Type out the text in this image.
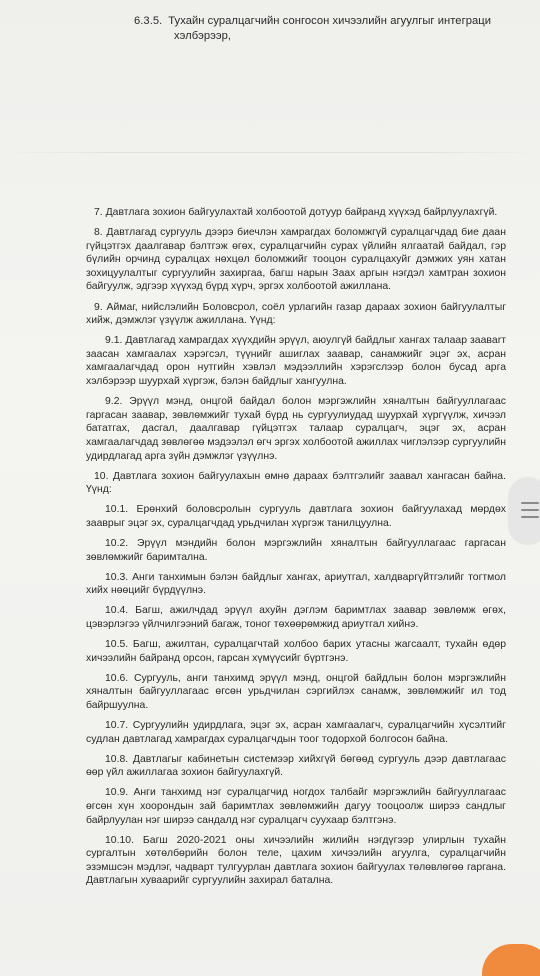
6.3.5. Тухайн суралцагчийн сонгосон хичээлийн агуулгыг интеграци
хэлбэрээр,

7. Давтлага зохион байгуулахтай холбоотой дотуур байранд хүүхэд байрлуулахгүй.

8. Давтлагад сургууль дээрэ биечлэн хамрагдах боломжгүй суралцагчдад бие даан гүйцэтгэх даалгавар бэлтгэж өгөх, суралцагчийн сурах үйлийн ялгаатай байдал, гэр бүлийн орчинд суралцах нөхцөл боломжийг тооцон суралцахуйг дэмжих уян хатан зохицуулалтыг сургуулийн захиргаа, багш нарын Заах аргын нэгдэл хамтран зохион байгуулж, эдгээр хүүхэд бүрд хүрч, эргэх холбоотой ажиллана.

9. Аймаг, нийслэлийн Боловсрол, соёл урлагийн газар дараах зохион байгуулалтыг хийж, дэмжлэг үзүүлж ажиллана. Үүнд:

9.1. Давтлагад хамрагдах хүүхдийн эрүүл, аюулгүй байдлыг хангах талаар заавarт заасан хамгаалах хэрэгсэл, түүнийг ашиглах заавар, санамжийг эцэг эх, асран хамгаалагчдад орон нутгийн хэвлэл мэдээллийн хэрэгслээр болон бусад арга хэлбэрээр шуурхай хүргэж, бэлэн байдлыг хангуулна.

9.2. Эрүүл мэнд, онцгой байдал болон мэргэжлийн хяналтын байгууллагаас гаргасан заавар, зөвлөмжийг тухай бүрд нь сургуулиудад шуурхай хүргүүлж, хичээл бататгах, дасгал, даалгавар гүйцэтгэх талаар суралцагч, эцэг эх, асран хамгаалагчдад зөвлөгөө мэдээлэл өгч эргэх холбоотой ажиллах чиглэлээр сургуулийн удирдлагад арга зүйн дэмжлэг үзүүлнэ.

10. Давтлага зохион байгуулахын өмнө дараах бэлтгэлийг заавал хангасан байна. Үүнд:

10.1. Ерөнхий боловсролын сургууль давтлага зохион байгуулахад мөрдөх зааврыг эцэг эх, суралцагчдад урьдчилан хүргэж танилцуулна.

10.2. Эрүүл мэндийн болон мэргэжлийн хяналтын байгууллагаас гаргасан зөвлөмжийг баримтална.

10.3. Анги танхимын бэлэн байдлыг хангах, ариутгал, халдваргүйтгэлийг тогтмол хийх нөөцийг бүрдүүлнэ.

10.4. Багш, ажилчдад эрүүл ахуйн дэглэм баримтлах заавар зөвлөмж өгөх, цэвэрлэгээ үйлчилгээний багаж, тоног төхөөрөмжид ариутгал хийнэ.

10.5. Багш, ажилтан, суралцагчтай холбоо барих утасны жагсаалт, тухайн өдөр хичээлийн байранд орсон, гарсан хүмүүсийг бүртгэнэ.

10.6. Сургууль, анги танхимд эрүүл мэнд, онцгой байдлын болон мэргэжлийн хяналтын байгууллагаас өгсөн урьдчилан сэргийлэх санамж, зөвлөмжийг ил тод байршуулна.

10.7. Сургуулийн удирдлага, эцэг эх, асран хамгаалагч, суралцагчийн хүсэлтийг судлан давтлагад хамрагдах суралцагчдын тоог тодорхой болгосон байна.

10.8. Давтлагыг кабинетын системээр хийхгүй бөгөөд сургууль дээр давтлагаас өөр үйл ажиллагаа зохион байгуулахгүй.

10.9. Анги танхимд нэг суралцагчид ногдох талбайг мэргэжлийн байгууллагаас өгсөн хүн хоорондын зай баримтлах зөвлөмжийн дагуу тооцоолж ширээ сандлыг байрлуулан нэг ширээ сандалд нэг суралцагч суухаар бэлтгэнэ.

10.10. Багш 2020-2021 оны хичээлийн жилийн нэгдүгээр улирлын тухайн сургалтын хөтөлбөрийн болон теле, цахим хичээлийн агуулга, суралцагчийн эзэмшсэн мэдлэг, чадварт тулгуурлан давтлага зохион байгуулах төлөвлөгөө гаргана. Давтлагын хуваарийг сургуулийн захирал батална.
